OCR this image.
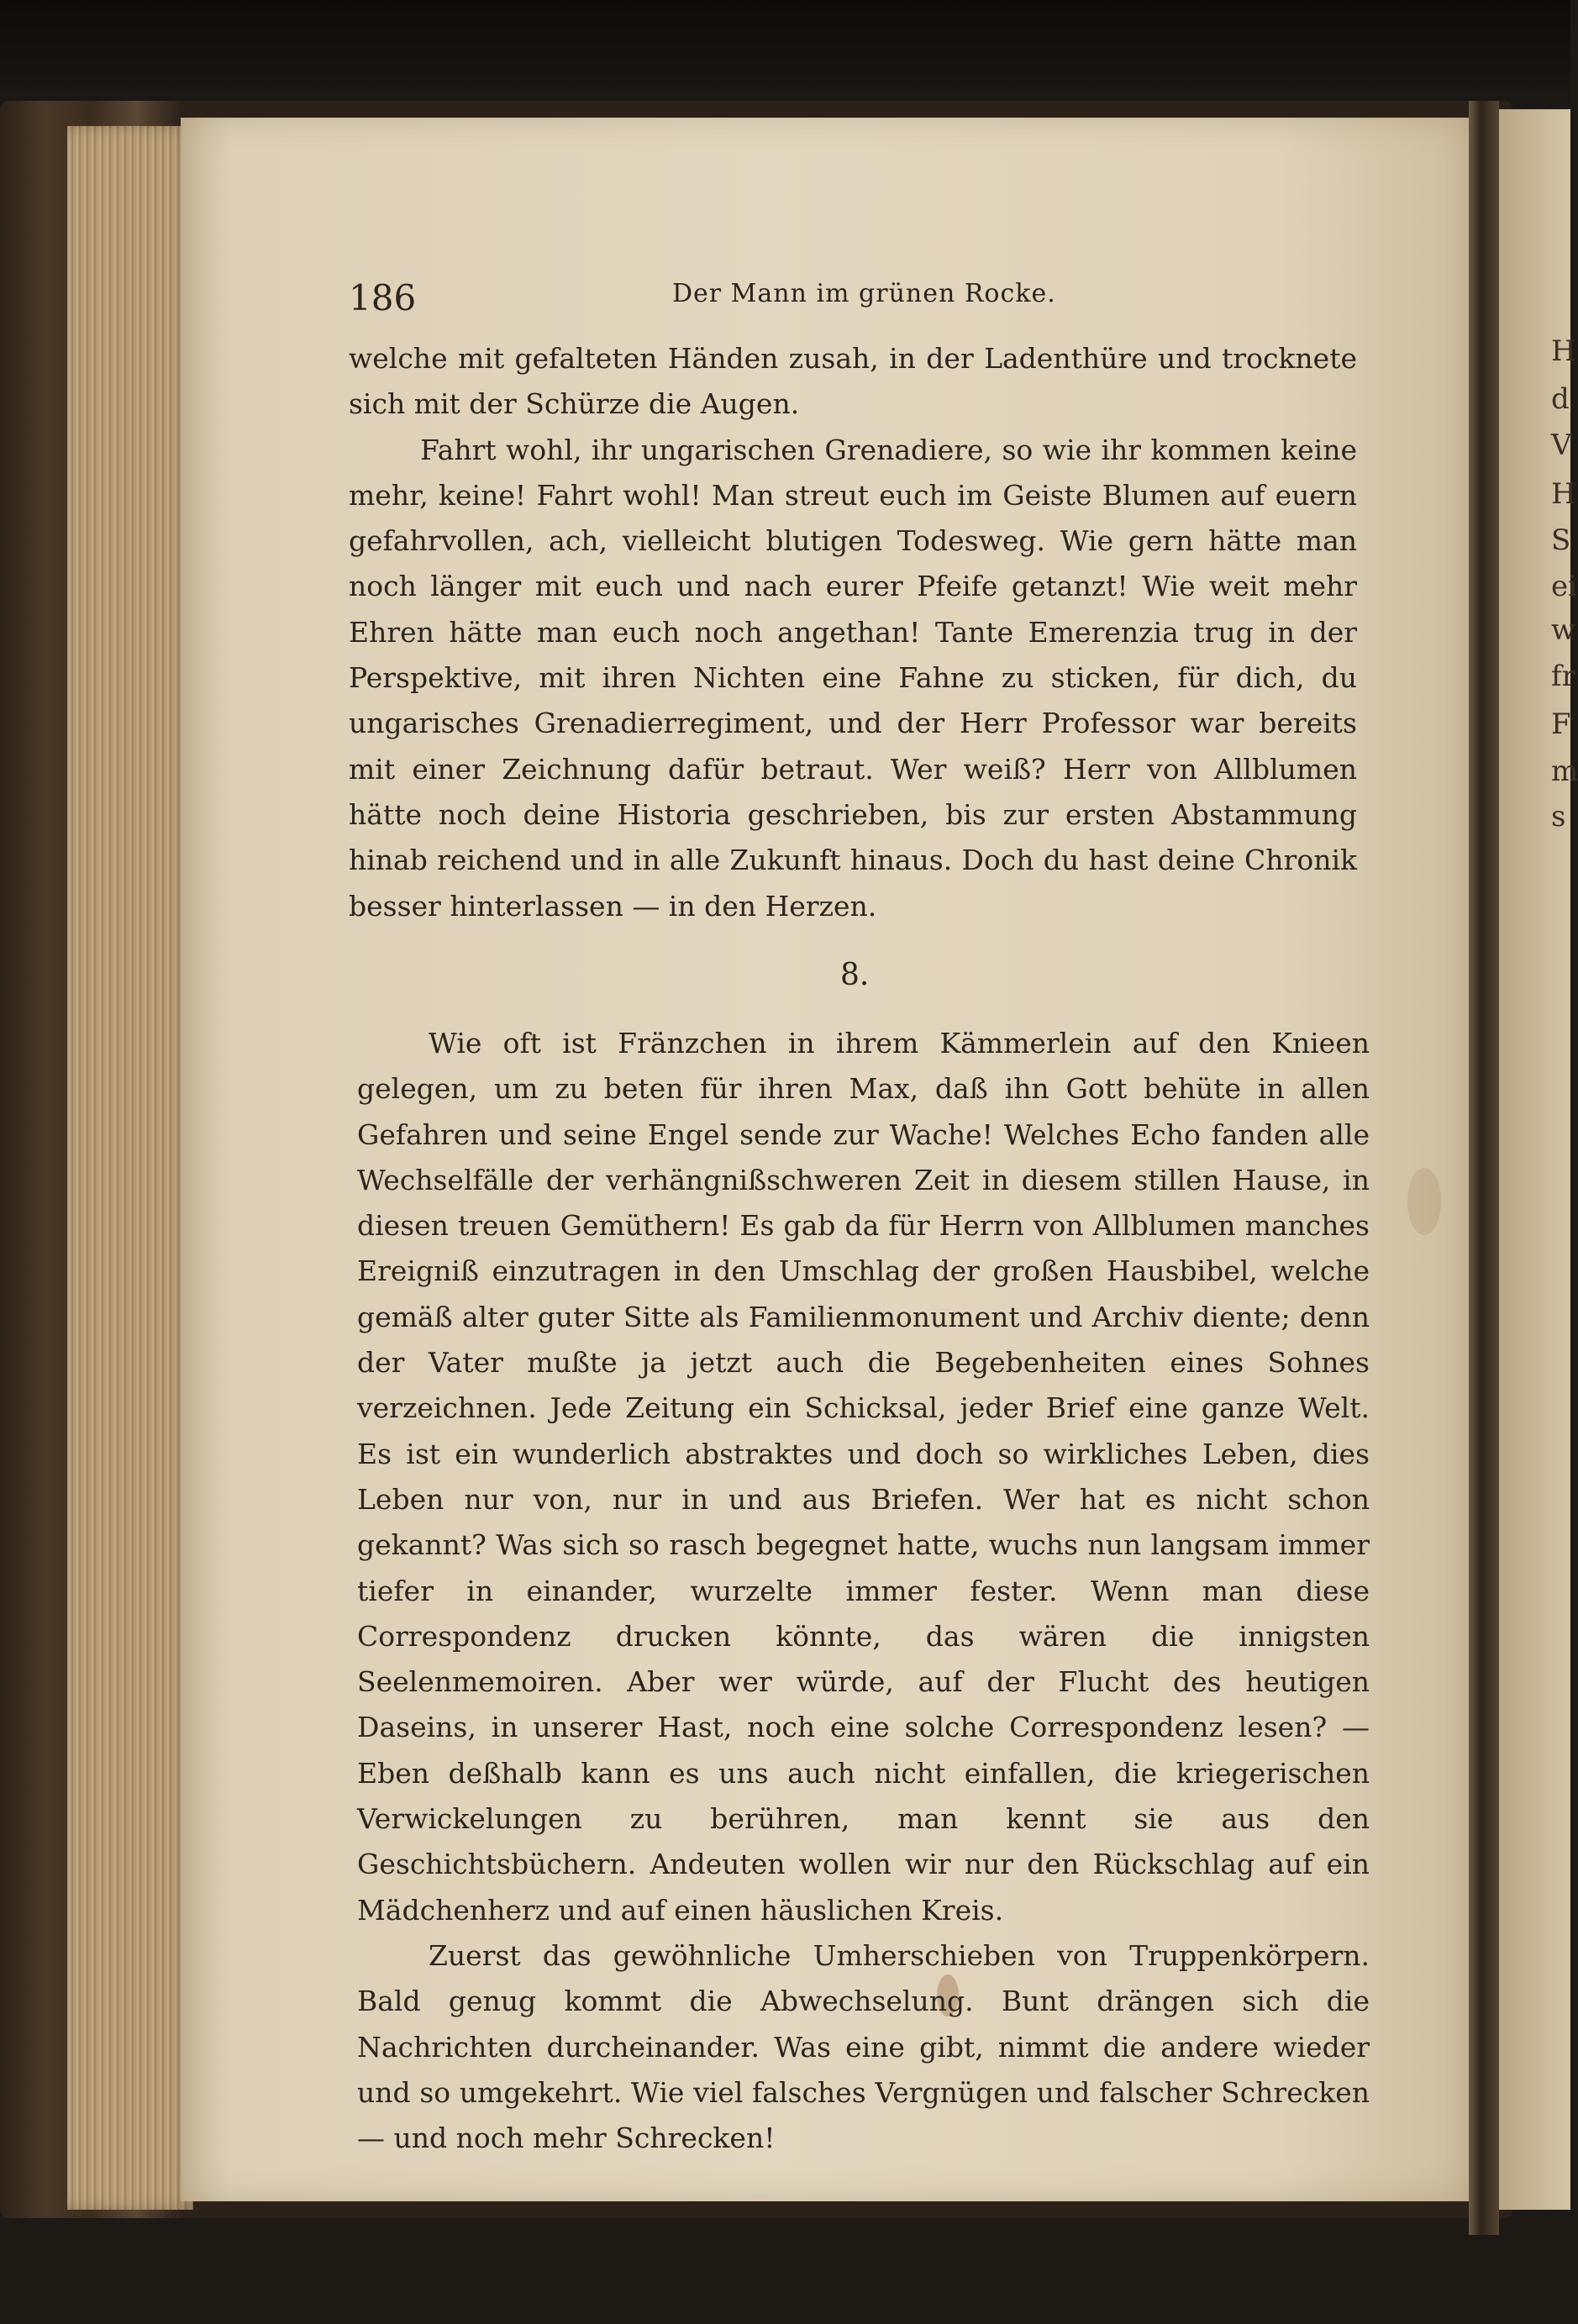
H
d
V
H
S
ei
w
fr
F
m
s
186	Der Mann im grünen Rocke.

welche mit gefalteten Händen zusah, in der Ladenthüre und trocknete sich mit der Schürze die Augen.

Fahrt wohl, ihr ungarischen Grenadiere, so wie ihr kommen keine mehr, keine! Fahrt wohl! Man streut euch im Geiste Blumen auf euern gefahrvollen, ach, vielleicht blutigen Todesweg. Wie gern hätte man noch länger mit euch und nach eurer Pfeife getanzt! Wie weit mehr Ehren hätte man euch noch angethan! Tante Emerenzia trug in der Perspektive, mit ihren Nichten eine Fahne zu sticken, für dich, du ungarisches Grenadierregiment, und der Herr Professor war bereits mit einer Zeichnung dafür betraut. Wer weiß? Herr von Allblumen hätte noch deine Historia geschrieben, bis zur ersten Abstammung hinab reichend und in alle Zukunft hinaus. Doch du hast deine Chronik besser hinterlassen — in den Herzen.

8.

Wie oft ist Fränzchen in ihrem Kämmerlein auf den Knieen gelegen, um zu beten für ihren Max, daß ihn Gott behüte in allen Gefahren und seine Engel sende zur Wache! Welches Echo fanden alle Wechselfälle der verhängnißschweren Zeit in diesem stillen Hause, in diesen treuen Gemüthern! Es gab da für Herrn von Allblumen manches Ereigniß einzutragen in den Umschlag der großen Hausbibel, welche gemäß alter guter Sitte als Familienmonument und Archiv diente; denn der Vater mußte ja jetzt auch die Begebenheiten eines Sohnes verzeichnen. Jede Zeitung ein Schicksal, jeder Brief eine ganze Welt. Es ist ein wunderlich abstraktes und doch so wirkliches Leben, dies Leben nur von, nur in und aus Briefen. Wer hat es nicht schon gekannt? Was sich so rasch begegnet hatte, wuchs nun langsam immer tiefer in einander, wurzelte immer fester. Wenn man diese Correspondenz drucken könnte, das wären die innigsten Seelenmemoiren. Aber wer würde, auf der Flucht des heutigen Daseins, in unserer Hast, noch eine solche Correspondenz lesen? — Eben deßhalb kann es uns auch nicht einfallen, die kriegerischen Verwickelungen zu berühren, man kennt sie aus den Geschichtsbüchern. Andeuten wollen wir nur den Rückschlag auf ein Mädchenherz und auf einen häuslichen Kreis.

Zuerst das gewöhnliche Umherschieben von Truppenkörpern. Bald genug kommt die Abwechselung. Bunt drängen sich die Nachrichten durcheinander. Was eine gibt, nimmt die andere wieder und so umgekehrt. Wie viel falsches Vergnügen und falscher Schrecken — und noch mehr Schrecken!
